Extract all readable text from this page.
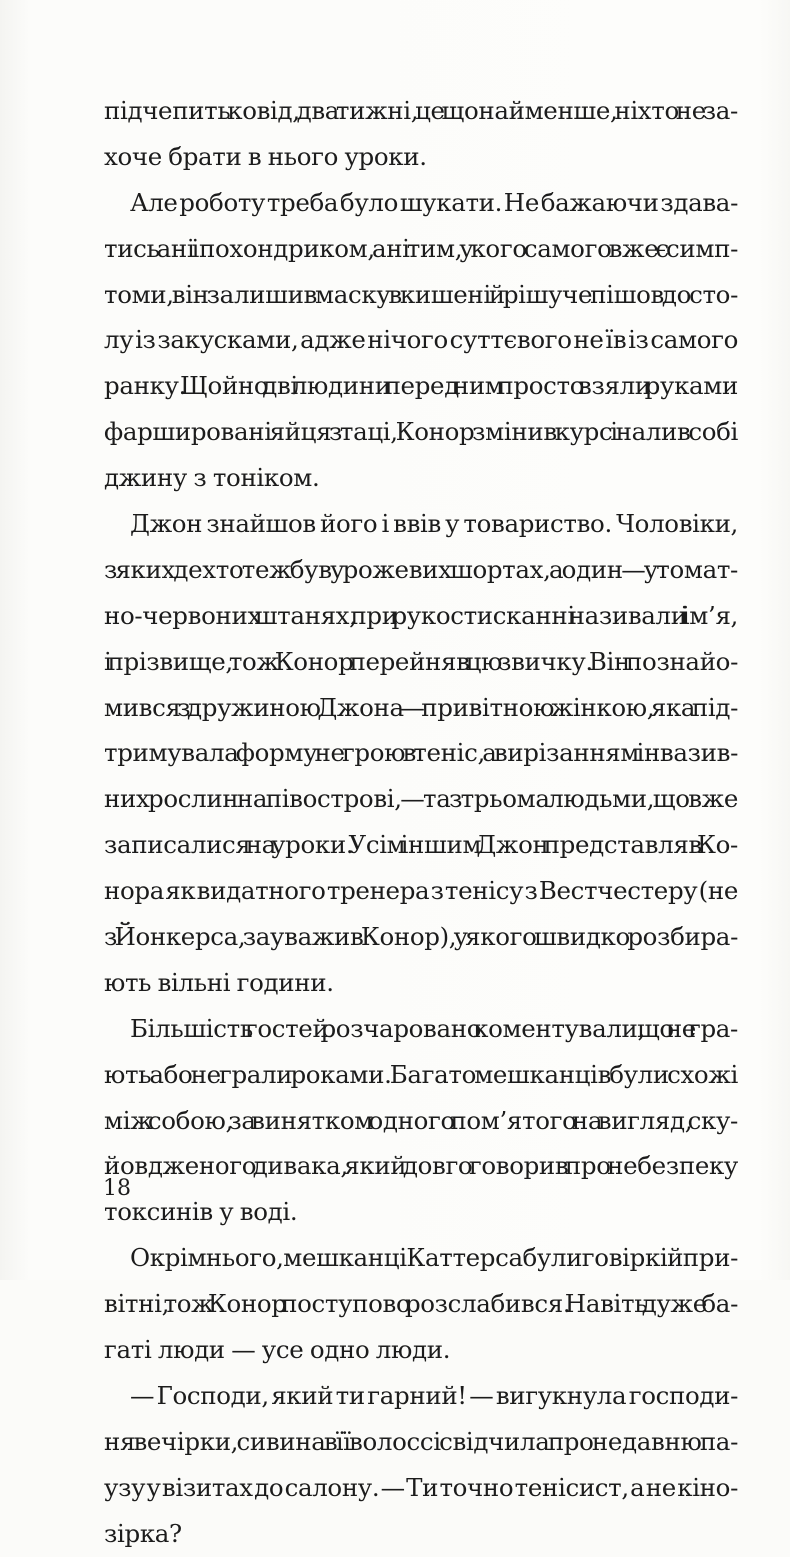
підчепить ковід, два тижні, це щонайменше, ніхто не за-
хоче брати в нього уроки.
Але роботу треба було шукати. Не бажаючи здава-
тись ані іпохондриком, ані тим, у кого самого вже є симп-
томи, він залишив маску в кишені й рішуче пішов до сто-
лу із закусками, адже нічого суттєвого не їв із самого
ранку. Щойно дві людини перед ним просто взяли руками
фаршировані яйця з таці, Конор змінив курс і налив собі
джину з тоніком.
Джон знайшов його і ввів у товариство. Чоловіки,
з яких дехто теж був у рожевих шортах, а один — у томат-
но-червоних штанях, при рукостисканні називали і ім’я,
і прізвище, тож Конор перейняв цю звичку. Він познайо-
мився з дружиною Джона — привітною жінкою, яка під-
тримувала форму не грою в теніс, а вирізанням інвазив-
них рослин на півострові, — та з трьома людьми, що вже
записалися на уроки. Усім іншим Джон представляв Ко-
нора як видатного тренера з тенісу з Вестчестеру (не
з Йонкерса, зауважив Конор), у якого швидко розбира-
ють вільні години.
Більшість гостей розчаровано коментували, що не гра-
ють або не грали роками. Багато мешканців були схожі
між собою, за винятком одного пом’ятого на вигляд, ску-
йовдженого дивака, який довго говорив про небезпеку
токсинів у воді.
Окрім нього, мешканці Каттерса були говіркі й при-
вітні, тож Конор поступово розслабився. Навіть дуже ба-
гаті люди — усе одно люди.
— Господи, який ти гарний! — вигукнула господи-
ня вечірки, сивина в її волоссі свідчила про недавню па-
узу у візитах до салону. — Ти точно тенісист, а не кіно-
зірка?
18
